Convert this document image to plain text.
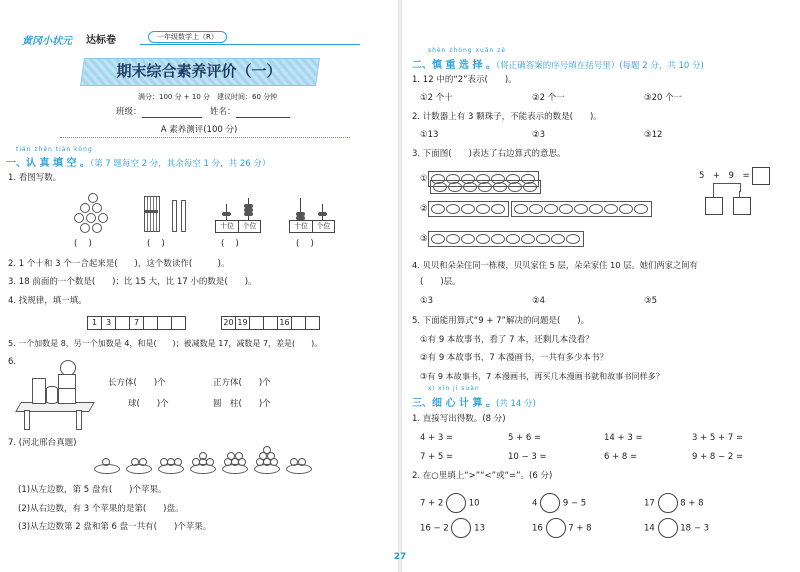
黄冈小状元 达标卷	一年级数学上（R）
期末综合素养评价（一）
满分：100 分 + 10 分　建议时间：60 分钟
班级：　	姓名：
A 素养测评(100 分)
tián zhēn tián kòng
一、认 真 填 空 。（第 7 题每空 2 分，其余每空 1 分，共 26 分）
1. 看图写数。
十位 个位	十位 个位
(　 )	(　 )	(　 )	(　 )
2. 1 个十和 3 个一合起来是(　　)，这个数读作(　　　)。
3. 18 前面的一个数是(　　)；比 15 大，比 17 小的数是(　　)。
4. 找规律，填一填。
1 3	7	20 19	16
5. 一个加数是 8，另一个加数是 4，和是(　　)；被减数是 17，减数是 7，差是(　　)。
6.
长方体(　　)个	正方体(　　)个
球(　　)个	圆　柱(　　)个
7. (河北邢台真题)
(1)从左边数，第 5 盘有(　　)个苹果。
(2)从右边数，有 3 个苹果的是第(　　)盘。
(3)从左边数第 2 盘和第 6 盘一共有(　　)个苹果。
shèn zhòng xuǎn zé
二、慎 重 选 择 。（将正确答案的序号填在括号里）(每题 2 分，共 10 分)
1. 12 中的“2”表示(　　)。
①2 个十	②2 个一	③20 个一
2. 计数器上有 3 颗珠子，不能表示的数是(　　)。
①13	②3	③12
3. 下面图(　　)表达了右边算式的意思。
①
②
③
5　+　9　=
4. 贝贝和朵朵住同一栋楼，贝贝家住 5 层，朵朵家住 10 层。她们两家之间有
(　　)层。
①3	②4	③5
5. 下面能用算式“9 + 7”解决的问题是(　　)。
①有 9 本故事书，看了 7 本，还剩几本没看？
②有 9 本故事书，7 本漫画书，一共有多少本书？
③有 9 本故事书，7 本漫画书，再买几本漫画书就和故事书同样多？
xì xīn jì suàn
三、细 心 计 算 。(共 14 分)
1. 直接写出得数。(8 分)
4 + 3 =	5 + 6 =	14 + 3 =	3 + 5 + 7 =
7 + 5 =	10 − 3 =	6 + 8 =	9 + 8 − 2 =
2. 在○里填上“>”“<”或“=”。(6 分)
7 + 2	10	4	9 − 5	17	8 + 8
16 − 2	13	16	7 + 8	14	18 − 3
27
